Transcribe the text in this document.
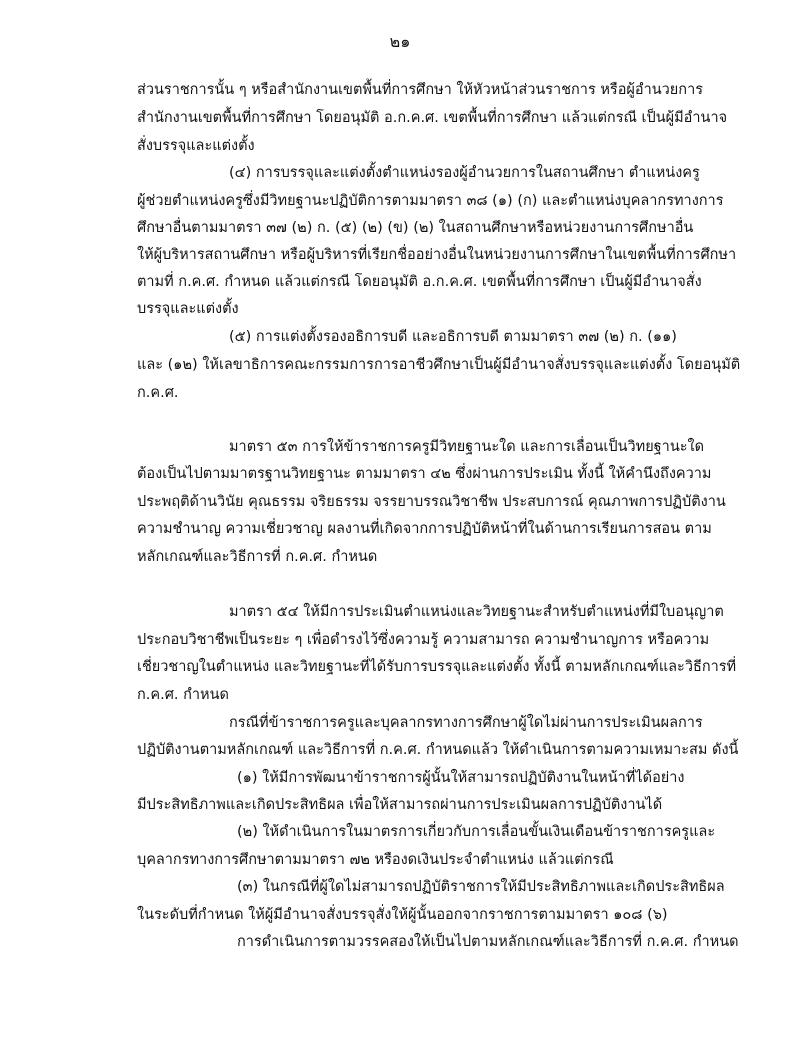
๒๑
ส่วนราชการนั้น ๆ หรือสำนักงานเขตพื้นที่การศึกษา ให้หัวหน้าส่วนราชการ หรือผู้อำนวยการ
สำนักงานเขตพื้นที่การศึกษา โดยอนุมัติ อ.ก.ค.ศ. เขตพื้นที่การศึกษา แล้วแต่กรณี เป็นผู้มีอำนาจ
สั่งบรรจุและแต่งตั้ง
(๔) การบรรจุและแต่งตั้งตำแหน่งรองผู้อำนวยการในสถานศึกษา ตำแหน่งครู
ผู้ช่วยตำแหน่งครูซึ่งมีวิทยฐานะปฏิบัติการตามมาตรา ๓๘ (๑) (ก) และตำแหน่งบุคลากรทางการ
ศึกษาอื่นตามมาตรา ๓๗ (๒) ก. (๕) (๒) (ข) (๒) ในสถานศึกษาหรือหน่วยงานการศึกษาอื่น
ให้ผู้บริหารสถานศึกษา หรือผู้บริหารที่เรียกชื่ออย่างอื่นในหน่วยงานการศึกษาในเขตพื้นที่การศึกษา
ตามที่ ก.ค.ศ. กำหนด แล้วแต่กรณี โดยอนุมัติ อ.ก.ค.ศ. เขตพื้นที่การศึกษา เป็นผู้มีอำนาจสั่ง
บรรจุและแต่งตั้ง
(๕) การแต่งตั้งรองอธิการบดี และอธิการบดี ตามมาตรา ๓๗ (๒) ก. (๑๑)
และ (๑๒) ให้เลขาธิการคณะกรรมการการอาชีวศึกษาเป็นผู้มีอำนาจสั่งบรรจุและแต่งตั้ง โดยอนุมัติ
ก.ค.ศ.
มาตรา ๕๓ การให้ข้าราชการครูมีวิทยฐานะใด และการเลื่อนเป็นวิทยฐานะใด
ต้องเป็นไปตามมาตรฐานวิทยฐานะ ตามมาตรา ๔๒ ซึ่งผ่านการประเมิน ทั้งนี้ ให้คำนึงถึงความ
ประพฤติด้านวินัย คุณธรรม จริยธรรม จรรยาบรรณวิชาชีพ ประสบการณ์ คุณภาพการปฏิบัติงาน
ความชำนาญ ความเชี่ยวชาญ ผลงานที่เกิดจากการปฏิบัติหน้าที่ในด้านการเรียนการสอน ตาม
หลักเกณฑ์และวิธีการที่ ก.ค.ศ. กำหนด
มาตรา ๕๔ ให้มีการประเมินตำแหน่งและวิทยฐานะสำหรับตำแหน่งที่มีใบอนุญาต
ประกอบวิชาชีพเป็นระยะ ๆ เพื่อดำรงไว้ซึ่งความรู้ ความสามารถ ความชำนาญการ หรือความ
เชี่ยวชาญในตำแหน่ง และวิทยฐานะที่ได้รับการบรรจุและแต่งตั้ง ทั้งนี้ ตามหลักเกณฑ์และวิธีการที่
ก.ค.ศ. กำหนด
กรณีที่ข้าราชการครูและบุคลากรทางการศึกษาผู้ใดไม่ผ่านการประเมินผลการ
ปฏิบัติงานตามหลักเกณฑ์ และวิธีการที่ ก.ค.ศ. กำหนดแล้ว ให้ดำเนินการตามความเหมาะสม ดังนี้
(๑) ให้มีการพัฒนาข้าราชการผู้นั้นให้สามารถปฏิบัติงานในหน้าที่ได้อย่าง
มีประสิทธิภาพและเกิดประสิทธิผล เพื่อให้สามารถผ่านการประเมินผลการปฏิบัติงานได้
(๒) ให้ดำเนินการในมาตรการเกี่ยวกับการเลื่อนขั้นเงินเดือนข้าราชการครูและ
บุคลากรทางการศึกษาตามมาตรา ๗๒ หรืองดเงินประจำตำแหน่ง แล้วแต่กรณี
(๓) ในกรณีที่ผู้ใดไม่สามารถปฏิบัติราชการให้มีประสิทธิภาพและเกิดประสิทธิผล
ในระดับที่กำหนด ให้ผู้มีอำนาจสั่งบรรจุสั่งให้ผู้นั้นออกจากราชการตามมาตรา ๑๐๘ (๖)
การดำเนินการตามวรรคสองให้เป็นไปตามหลักเกณฑ์และวิธีการที่ ก.ค.ศ. กำหนด
